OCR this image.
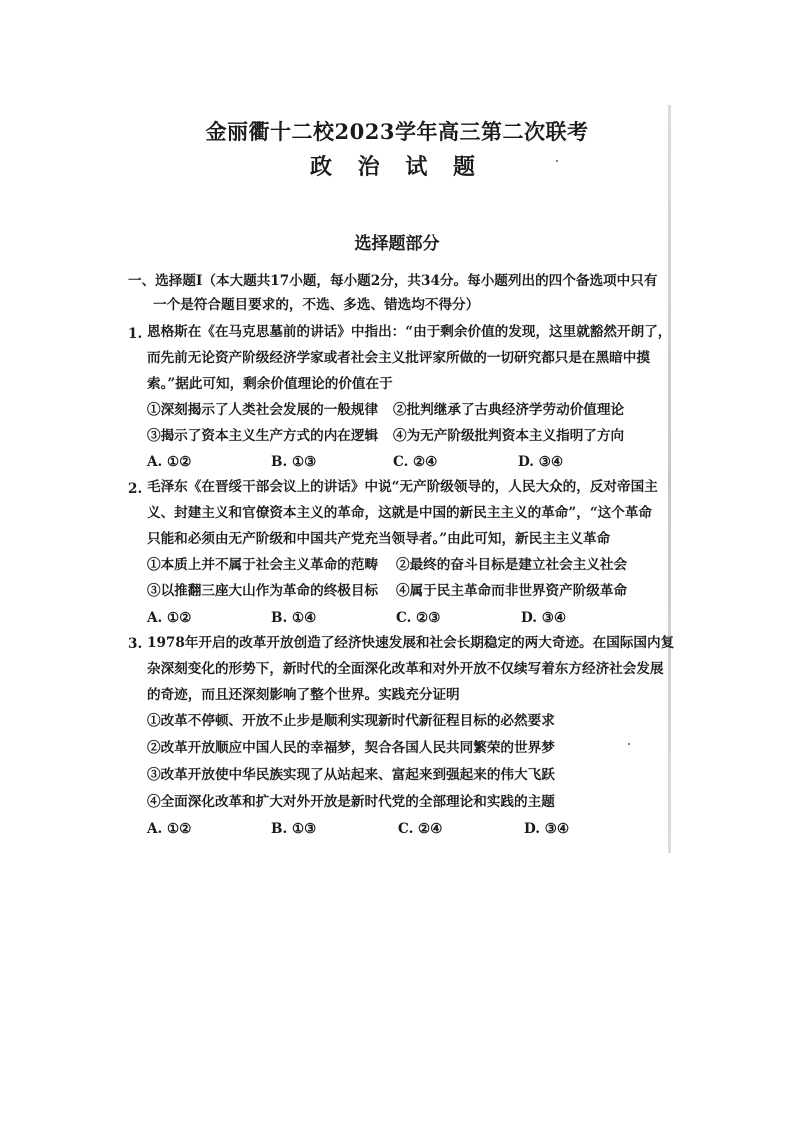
金丽衢十二校2023学年高三第二次联考
政 治 试 题
选择题部分
一、选择题Ⅰ（本大题共17小题，每小题2分，共34分。每小题列出的四个备选项中只有
一个是符合题目要求的，不选、多选、错选均不得分）
1. 恩格斯在《在马克思墓前的讲话》中指出：“由于剩余价值的发现，这里就豁然开朗了，
而先前无论资产阶级经济学家或者社会主义批评家所做的一切研究都只是在黑暗中摸
索。”据此可知，剩余价值理论的价值在于
①深刻揭示了人类社会发展的一般规律 ②批判继承了古典经济学劳动价值理论
③揭示了资本主义生产方式的内在逻辑 ④为无产阶级批判资本主义指明了方向
A. ①②	B. ①③	C. ②④	D. ③④
2. 毛泽东《在晋绥干部会议上的讲话》中说“无产阶级领导的，人民大众的，反对帝国主
义、封建主义和官僚资本主义的革命，这就是中国的新民主主义的革命”，“这个革命
只能和必须由无产阶级和中国共产党充当领导者。”由此可知，新民主主义革命
①本质上并不属于社会主义革命的范畴 ②最终的奋斗目标是建立社会主义社会
③以推翻三座大山作为革命的终极目标 ④属于民主革命而非世界资产阶级革命
A. ①②	B. ①④	C. ②③	D. ③④
3. 1978年开启的改革开放创造了经济快速发展和社会长期稳定的两大奇迹。在国际国内复
杂深刻变化的形势下，新时代的全面深化改革和对外开放不仅续写着东方经济社会发展
的奇迹，而且还深刻影响了整个世界。实践充分证明
①改革不停顿、开放不止步是顺利实现新时代新征程目标的必然要求
②改革开放顺应中国人民的幸福梦，契合各国人民共同繁荣的世界梦
③改革开放使中华民族实现了从站起来、富起来到强起来的伟大飞跃
④全面深化改革和扩大对外开放是新时代党的全部理论和实践的主题
A. ①②	B. ①③	C. ②④	D. ③④
